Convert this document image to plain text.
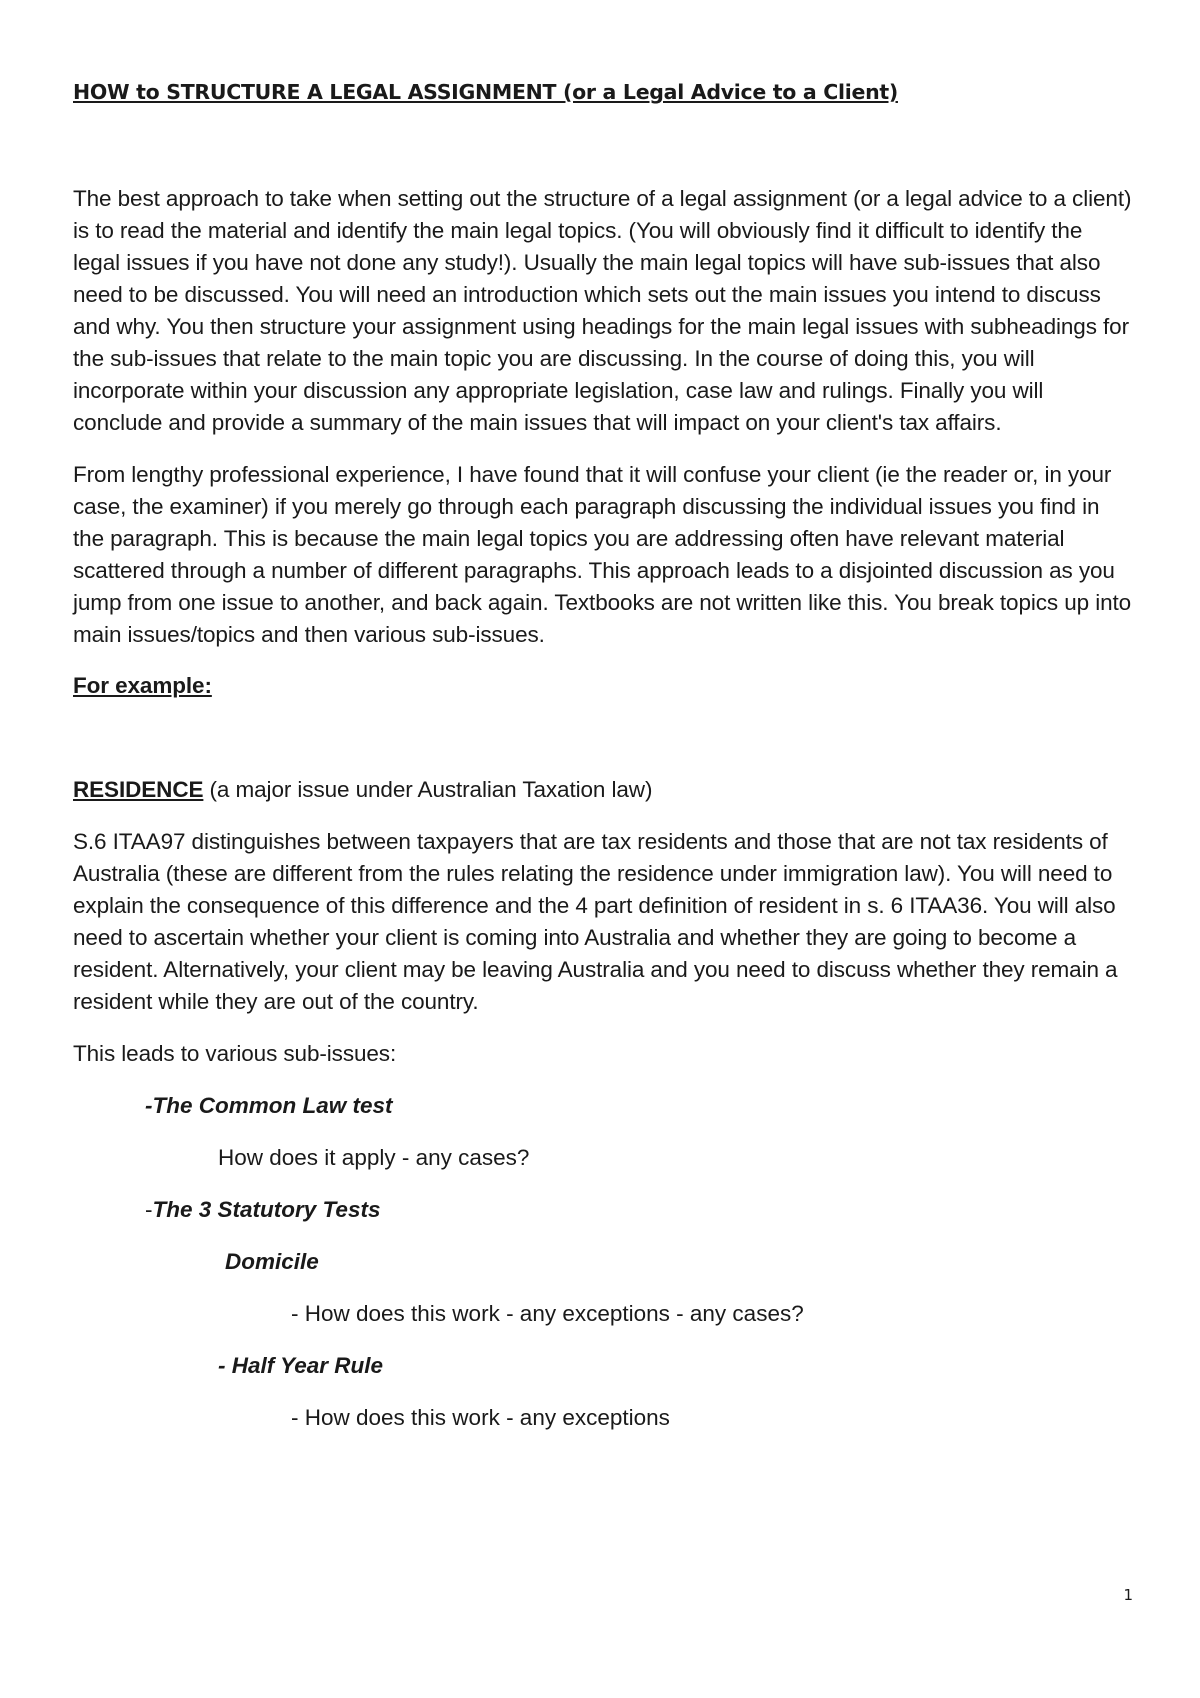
HOW to STRUCTURE A LEGAL ASSIGNMENT (or a Legal Advice to a Client)

The best approach to take when setting out the structure of a legal assignment (or a legal advice to a client) is to read the material and identify the main legal topics. (You will obviously find it difficult to identify the legal issues if you have not done any study!). Usually the main legal topics will have sub-issues that also need to be discussed. You will need an introduction which sets out the main issues you intend to discuss and why. You then structure your assignment using headings for the main legal issues with subheadings for the sub-issues that relate to the main topic you are discussing. In the course of doing this, you will incorporate within your discussion any appropriate legislation, case law and rulings. Finally you will conclude and provide a summary of the main issues that will impact on your client's tax affairs.

From lengthy professional experience, I have found that it will confuse your client (ie the reader or, in your case, the examiner) if you merely go through each paragraph discussing the individual issues you find in the paragraph. This is because the main legal topics you are addressing often have relevant material scattered through a number of different paragraphs. This approach leads to a disjointed discussion as you jump from one issue to another, and back again. Textbooks are not written like this. You break topics up into main issues/topics and then various sub-issues.

For example:

RESIDENCE (a major issue under Australian Taxation law)

S.6 ITAA97 distinguishes between taxpayers that are tax residents and those that are not tax residents of Australia (these are different from the rules relating the residence under immigration law). You will need to explain the consequence of this difference and the 4 part definition of resident in s. 6 ITAA36. You will also need to ascertain whether your client is coming into Australia and whether they are going to become a resident. Alternatively, your client may be leaving Australia and you need to discuss whether they remain a resident while they are out of the country.

This leads to various sub-issues:

-The Common Law test

How does it apply - any cases?

-The 3 Statutory Tests

Domicile

- How does this work - any exceptions - any cases?

- Half Year Rule

- How does this work - any exceptions

1
